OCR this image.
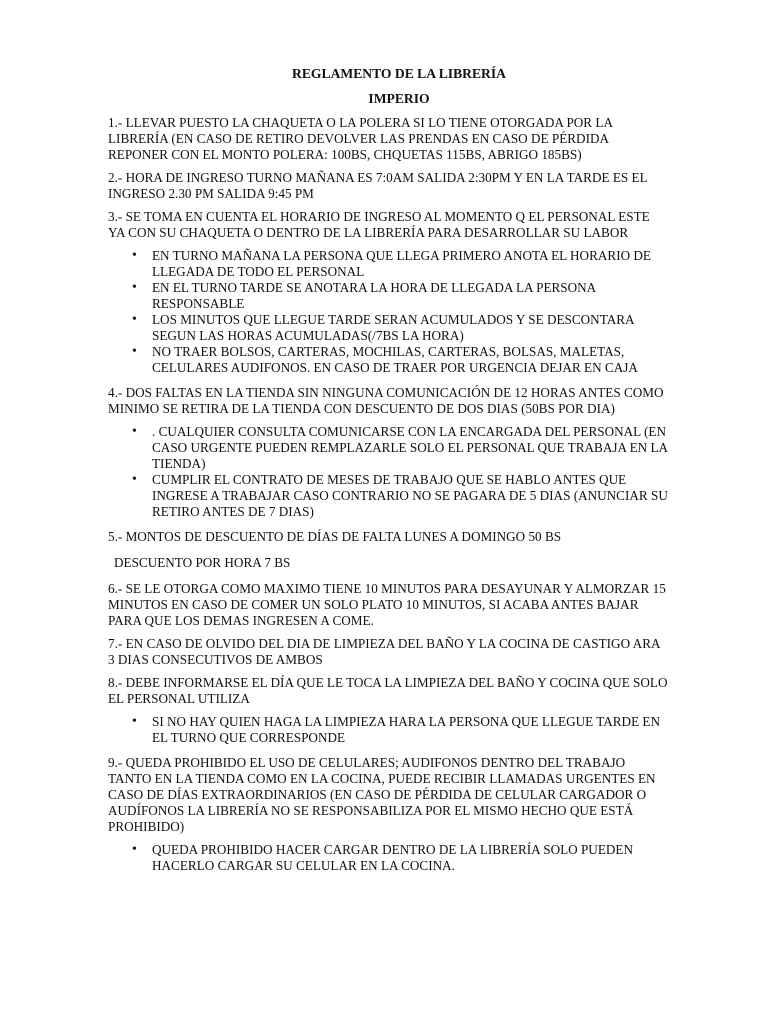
REGLAMENTO DE LA LIBRERÍA
IMPERIO

1.- LLEVAR PUESTO LA CHAQUETA O LA POLERA SI LO TIENE OTORGADA POR LA LIBRERÍA (EN CASO DE RETIRO DEVOLVER LAS PRENDAS EN CASO DE PÉRDIDA REPONER CON EL MONTO POLERA: 100BS, CHQUETAS 115BS, ABRIGO 185BS)

2.- HORA DE INGRESO TURNO MAÑANA ES 7:0AM SALIDA 2:30PM Y EN LA TARDE ES EL INGRESO 2.30 PM SALIDA 9:45 PM

3.- SE TOMA EN CUENTA EL HORARIO DE INGRESO AL MOMENTO Q EL PERSONAL ESTE YA CON SU CHAQUETA O DENTRO DE LA LIBRERÍA PARA DESARROLLAR SU LABOR

• EN TURNO MAÑANA LA PERSONA QUE LLEGA PRIMERO ANOTA EL HORARIO DE LLEGADA DE TODO EL PERSONAL
• EN EL TURNO TARDE SE ANOTARA LA HORA DE LLEGADA LA PERSONA RESPONSABLE
• LOS MINUTOS QUE LLEGUE TARDE SERAN ACUMULADOS Y SE DESCONTARA SEGUN LAS HORAS ACUMULADAS(/7BS LA HORA)
• NO TRAER BOLSOS, CARTERAS, MOCHILAS, CARTERAS, BOLSAS, MALETAS, CELULARES AUDIFONOS. EN CASO DE TRAER POR URGENCIA DEJAR EN CAJA

4.- DOS FALTAS EN LA TIENDA SIN NINGUNA COMUNICACIÓN DE 12 HORAS ANTES COMO MINIMO SE RETIRA DE LA TIENDA CON DESCUENTO DE DOS DIAS (50BS POR DIA)

• . CUALQUIER CONSULTA COMUNICARSE CON LA ENCARGADA DEL PERSONAL (EN CASO URGENTE PUEDEN REMPLAZARLE SOLO EL PERSONAL QUE TRABAJA EN LA TIENDA)
• CUMPLIR EL CONTRATO DE MESES DE TRABAJO QUE SE HABLO ANTES QUE INGRESE A TRABAJAR CASO CONTRARIO NO SE PAGARA DE 5 DIAS (ANUNCIAR SU RETIRO ANTES DE 7 DIAS)

5.- MONTOS DE DESCUENTO DE DÍAS DE FALTA LUNES A DOMINGO 50 BS

DESCUENTO POR HORA 7 BS

6.- SE LE OTORGA COMO MAXIMO TIENE 10 MINUTOS PARA DESAYUNAR Y ALMORZAR 15 MINUTOS EN CASO DE COMER UN SOLO PLATO 10 MINUTOS, SI ACABA ANTES BAJAR PARA QUE LOS DEMAS INGRESEN A COME.

7.- EN CASO DE OLVIDO DEL DIA DE LIMPIEZA DEL BAÑO Y LA COCINA DE CASTIGO ARA 3 DIAS CONSECUTIVOS DE AMBOS

8.- DEBE INFORMARSE EL DÍA QUE LE TOCA LA LIMPIEZA DEL BAÑO Y COCINA QUE SOLO EL PERSONAL UTILIZA

• SI NO HAY QUIEN HAGA LA LIMPIEZA HARA LA PERSONA QUE LLEGUE TARDE EN EL TURNO QUE CORRESPONDE

9.- QUEDA PROHIBIDO EL USO DE CELULARES; AUDIFONOS DENTRO DEL TRABAJO TANTO EN LA TIENDA COMO EN LA COCINA, PUEDE RECIBIR LLAMADAS URGENTES EN CASO DE DÍAS EXTRAORDINARIOS (EN CASO DE PÉRDIDA DE CELULAR CARGADOR O AUDÍFONOS LA LIBRERÍA NO SE RESPONSABILIZA POR EL MISMO HECHO QUE ESTÁ PROHIBIDO)

• QUEDA PROHIBIDO HACER CARGAR DENTRO DE LA LIBRERÍA SOLO PUEDEN HACERLO CARGAR SU CELULAR EN LA COCINA.
